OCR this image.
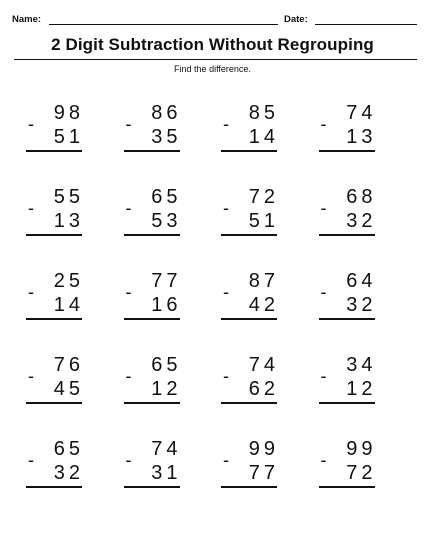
Name:	Date:
2 Digit Subtraction Without Regrouping
Find the difference.
98
-
51
86
-
35
85
-
14
74
-
13
55
-
13
65
-
53
72
-
51
68
-
32
25
-
14
77
-
16
87
-
42
64
-
32
76
-
45
65
-
12
74
-
62
34
-
12
65
-
32
74
-
31
99
-
77
99
-
72
